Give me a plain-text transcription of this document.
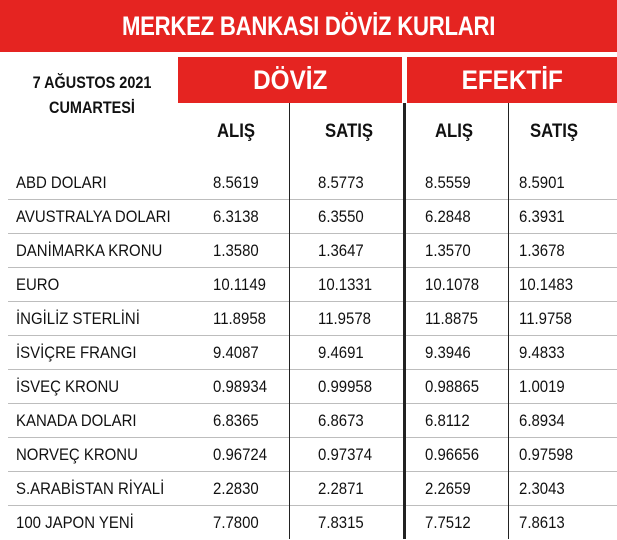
MERKEZ BANKASI DÖVİZ KURLARI
7 AĞUSTOS 2021
CUMARTESİ
DÖVİZ	EFEKTİF
ALIŞ	SATIŞ	ALIŞ	SATIŞ
ABD DOLARI	8.5619	8.5773	8.5559	8.5901
AVUSTRALYA DOLARI 6.3138	6.3550	6.2848	6.3931
DANİMARKA KRONU	1.3580	1.3647	1.3570	1.3678
EURO	10.1149	10.1331	10.1078 10.1483
İNGİLİZ STERLİNİ	11.8958	11.9578	11.8875 11.9758
İSVİÇRE FRANGI	9.4087	9.4691	9.3946	9.4833
İSVEÇ KRONU	0.98934	0.99958	0.98865 1.0019
KANADA DOLARI	6.8365	6.8673	6.8112	6.8934
NORVEÇ KRONU	0.96724	0.97374	0.96656 0.97598
S.ARABİSTAN RİYALİ	2.2830	2.2871	2.2659	2.3043
100 JAPON YENİ	7.7800	7.8315	7.7512	7.8613
